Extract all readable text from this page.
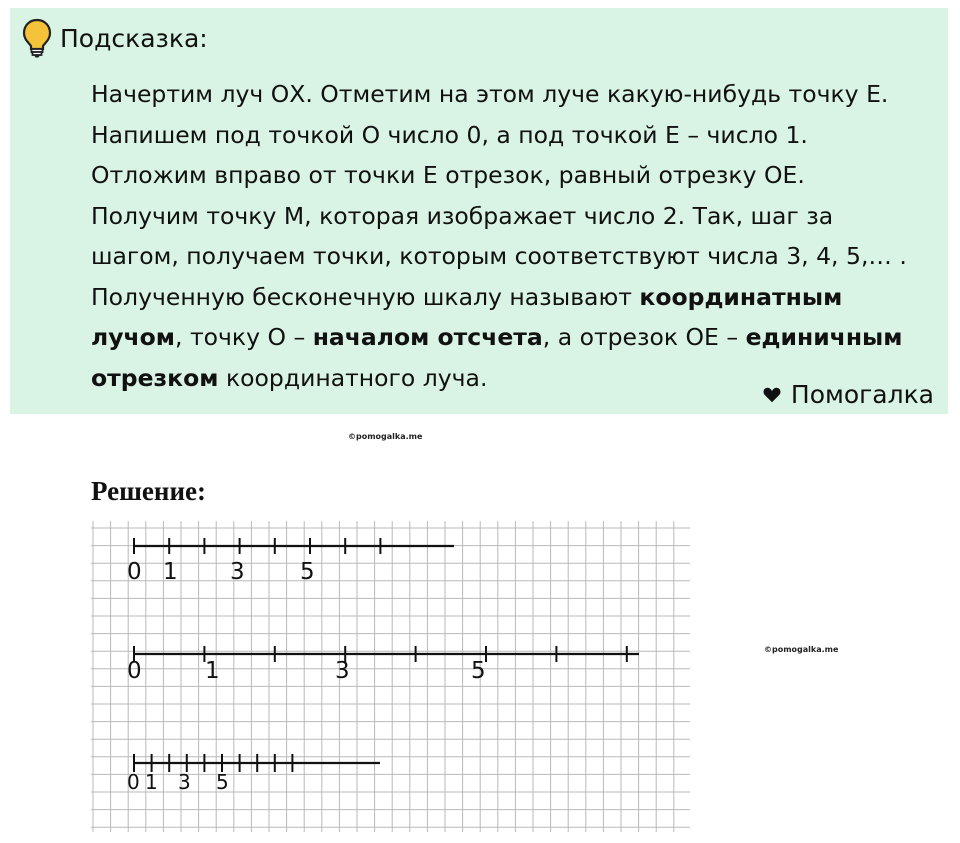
Подсказка:
Начертим луч ОХ. Отметим на этом луче какую-нибудь точку Е.
Напишем под точкой О число 0, а под точкой Е – число 1.
Отложим вправо от точки Е отрезок, равный отрезку ОЕ.
Получим точку М, которая изображает число 2. Так, шаг за
шагом, получаем точки, которым соответствуют числа 3, 4, 5,… .
Полученную бесконечную шкалу называют координатным
лучом, точку О – началом отсчета, а отрезок ОЕ – единичным
отрезком координатного луча.
Помогалка
©pomogalka.me
©pomogalka.me
Решение:
0 1 3 5
0	1	3	5
0 1 3 5
